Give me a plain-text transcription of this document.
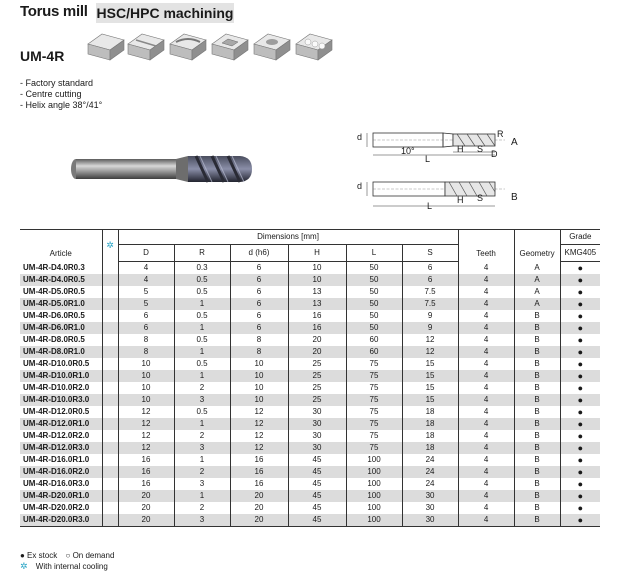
Torus mill HSC/HPC machining
UM-4R
- Factory standard
- Centre cutting
- Helix angle 38°/41°
d
10°
L
H S
R
D
A
d
L
H S	B
Article	✲	Dimensions [mm]						Teeth	Geometry	Grade
		D	R	d (h6)	H	L	S			KMG405
UM-4R-D4.0R0.3		4	0.3	6	10	50	6	4	A	●
UM-4R-D4.0R0.5		4	0.5	6	10	50	6	4	A	●
UM-4R-D5.0R0.5		5	0.5	6	13	50	7.5	4	A	●
UM-4R-D5.0R1.0		5	1	6	13	50	7.5	4	A	●
UM-4R-D6.0R0.5		6	0.5	6	16	50	9	4	B	●
UM-4R-D6.0R1.0		6	1	6	16	50	9	4	B	●
UM-4R-D8.0R0.5		8	0.5	8	20	60	12	4	B	●
UM-4R-D8.0R1.0		8	1	8	20	60	12	4	B	●
UM-4R-D10.0R0.5		10	0.5	10	25	75	15	4	B	●
UM-4R-D10.0R1.0		10	1	10	25	75	15	4	B	●
UM-4R-D10.0R2.0		10	2	10	25	75	15	4	B	●
UM-4R-D10.0R3.0		10	3	10	25	75	15	4	B	●
UM-4R-D12.0R0.5		12	0.5	12	30	75	18	4	B	●
UM-4R-D12.0R1.0		12	1	12	30	75	18	4	B	●
UM-4R-D12.0R2.0		12	2	12	30	75	18	4	B	●
UM-4R-D12.0R3.0		12	3	12	30	75	18	4	B	●
UM-4R-D16.0R1.0		16	1	16	45	100	24	4	B	●
UM-4R-D16.0R2.0		16	2	16	45	100	24	4	B	●
UM-4R-D16.0R3.0		16	3	16	45	100	24	4	B	●
UM-4R-D20.0R1.0		20	1	20	45	100	30	4	B	●
UM-4R-D20.0R2.0		20	2	20	45	100	30	4	B	●
UM-4R-D20.0R3.0		20	3	20	45	100	30	4	B	●
● Ex stock ○ On demand
✲ With internal cooling
